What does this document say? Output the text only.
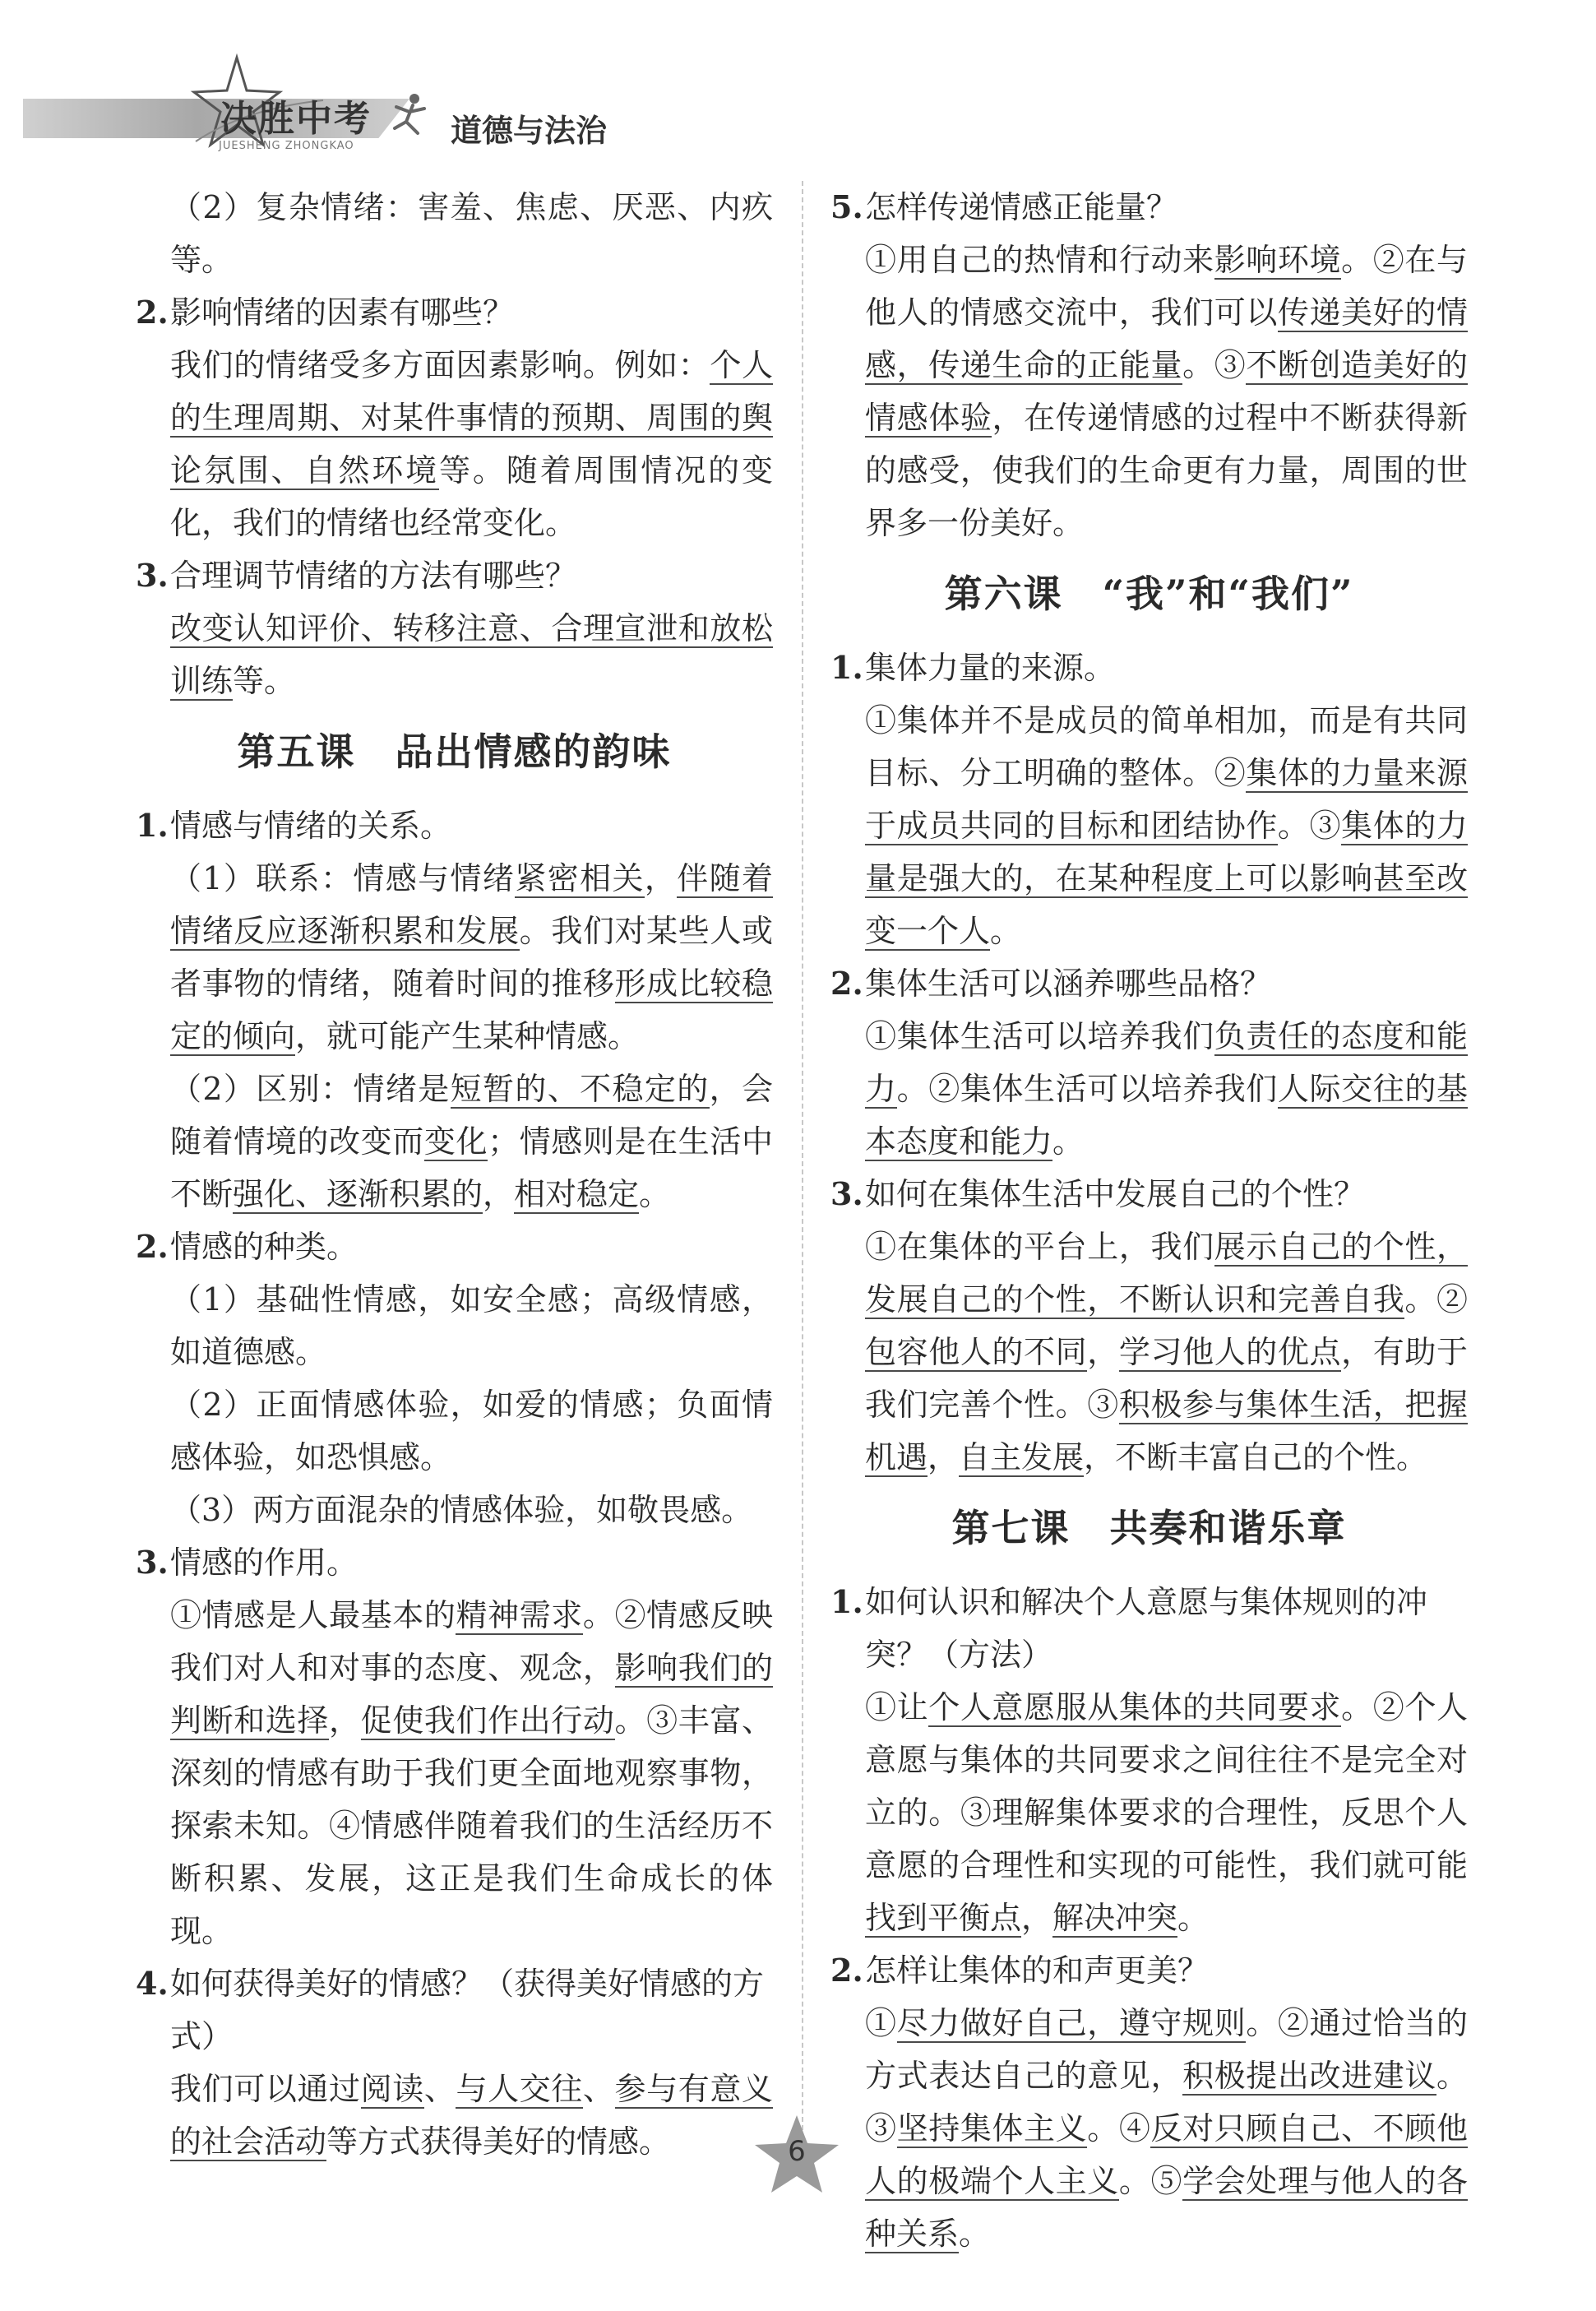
决胜中考
JUESHENG ZHONGKAO	道德与法治

（2）复杂情绪：害羞、焦虑、厌恶、内疚等。

2. 影响情绪的因素有哪些？

我们的情绪受多方面因素影响。例如：个人的生理周期、对某件事情的预期、周围的舆论氛围、自然环境等。随着周围情况的变化，我们的情绪也经常变化。

3. 合理调节情绪的方法有哪些？

改变认知评价、转移注意、合理宣泄和放松训练等。

第五课　品出情感的韵味

1. 情感与情绪的关系。

（1）联系：情感与情绪紧密相关，伴随着情绪反应逐渐积累和发展。我们对某些人或者事物的情绪，随着时间的推移形成比较稳定的倾向，就可能产生某种情感。

（2）区别：情绪是短暂的、不稳定的，会随着情境的改变而变化；情感则是在生活中不断强化、逐渐积累的，相对稳定。

2. 情感的种类。

（1）基础性情感，如安全感；高级情感，如道德感。

（2）正面情感体验，如爱的情感；负面情感体验，如恐惧感。

（3）两方面混杂的情感体验，如敬畏感。

3. 情感的作用。

①情感是人最基本的精神需求。②情感反映我们对人和对事的态度、观念，影响我们的判断和选择，促使我们作出行动。③丰富、深刻的情感有助于我们更全面地观察事物，探索未知。④情感伴随着我们的生活经历不断积累、发展，这正是我们生命成长的体现。

4. 如何获得美好的情感？（获得美好情感的方式）

我们可以通过阅读、与人交往、参与有意义的社会活动等方式获得美好的情感。

5. 怎样传递情感正能量？

①用自己的热情和行动来影响环境。②在与他人的情感交流中，我们可以传递美好的情感，传递生命的正能量。③不断创造美好的情感体验，在传递情感的过程中不断获得新的感受，使我们的生命更有力量，周围的世界多一份美好。

第六课　“我”和“我们”

1. 集体力量的来源。

①集体并不是成员的简单相加，而是有共同目标、分工明确的整体。②集体的力量来源于成员共同的目标和团结协作。③集体的力量是强大的，在某种程度上可以影响甚至改变一个人。

2. 集体生活可以涵养哪些品格？

①集体生活可以培养我们负责任的态度和能力。②集体生活可以培养我们人际交往的基本态度和能力。

3. 如何在集体生活中发展自己的个性？

①在集体的平台上，我们展示自己的个性，发展自己的个性，不断认识和完善自我。②包容他人的不同，学习他人的优点，有助于我们完善个性。③积极参与集体生活，把握机遇，自主发展，不断丰富自己的个性。

第七课　共奏和谐乐章

1. 如何认识和解决个人意愿与集体规则的冲突？（方法）

①让个人意愿服从集体的共同要求。②个人意愿与集体的共同要求之间往往不是完全对立的。③理解集体要求的合理性，反思个人意愿的合理性和实现的可能性，我们就可能找到平衡点，解决冲突。

2. 怎样让集体的和声更美？

①尽力做好自己，遵守规则。②通过恰当的方式表达自己的意见，积极提出改进建议。③坚持集体主义。④反对只顾自己、不顾他人的极端个人主义。⑤学会处理与他人的各种关系。

6
